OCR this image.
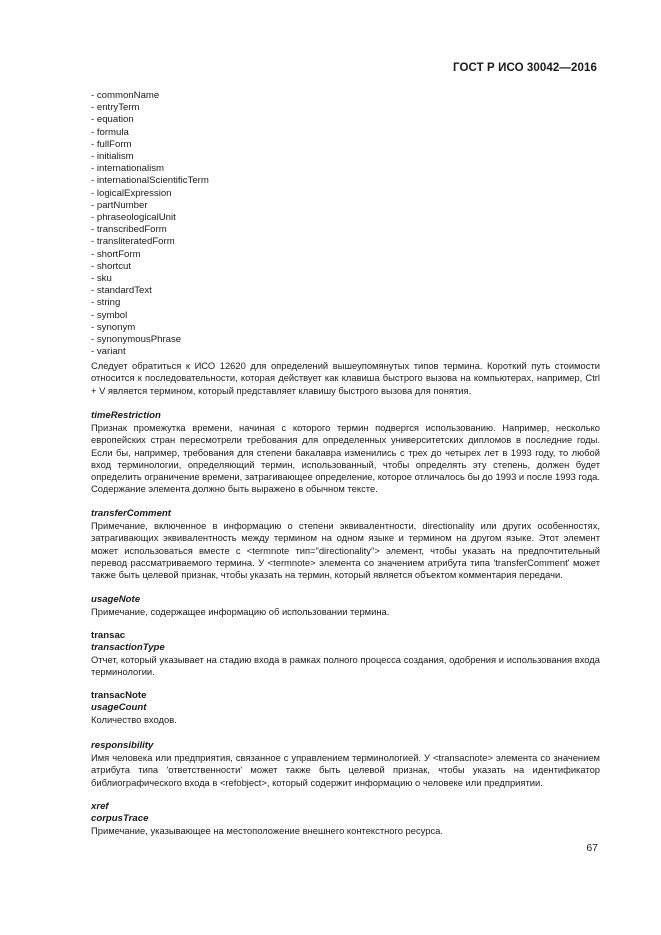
ГОСТ Р ИСО 30042—2016
- commonName
- entryTerm
- equation
- formula
- fullForm
- initialism
- internationalism
- internationalScientificTerm
- logicalExpression
- partNumber
- phraseologicalUnit
- transcribedForm
- transliteratedForm
- shortForm
- shortcut
- sku
- standardText
- string
- symbol
- synonym
- synonymousPhrase
- variant

Следует обратиться к ИСО 12620 для определений вышеупомянутых типов термина. Короткий путь стоимости относится к последовательности, которая действует как клавиша быстрого вызова на компьютерах, например, Ctrl + V является термином, который представляет клавишу быстрого вызова для понятия.

timeRestriction

Признак промежутка времени, начиная с которого термин подвергся использованию. Например, несколько европейских стран пересмотрели требования для определенных университетских дипломов в последние годы. Если бы, например, требования для степени бакалавра изменились с трех до четырех лет в 1993 году, то любой вход терминологии, определяющий термин, использованный, чтобы определять эту степень, должен будет определить ограничение времени, затрагивающее определение, которое отличалось бы до 1993 и после 1993 года. Содержание элемента должно быть выражено в обычном тексте.

transferComment

Примечание, включенное в информацию о степени эквивалентности, directionality или других особенностях, затрагивающих эквивалентность между термином на одном языке и термином на другом языке. Этот элемент может использоваться вместе с <termnote тип="directionality"> элемент, чтобы указать на предпочтительный перевод рассматриваемого термина. У <termnote> элемента со значением атрибута типа 'transferComment' может также быть целевой признак, чтобы указать на термин, который является объектом комментария передачи.

usageNote

Примечание, содержащее информацию об использовании термина.

transac
transactionType

Отчет, который указывает на стадию входа в рамках полного процесса создания, одобрения и использования входа терминологии.

transacNote
usageCount

Количество входов.

responsibility

Имя человека или предприятия, связанное с управлением терминологией. У <transacnote> элемента со значением атрибута типа 'ответственности' может также быть целевой признак, чтобы указать на идентификатор библиографического входа в <refobject>, который содержит информацию о человеке или предприятии.

xref
corpusTrace

Примечание, указывающее на местоположение внешнего контекстного ресурса.

67
